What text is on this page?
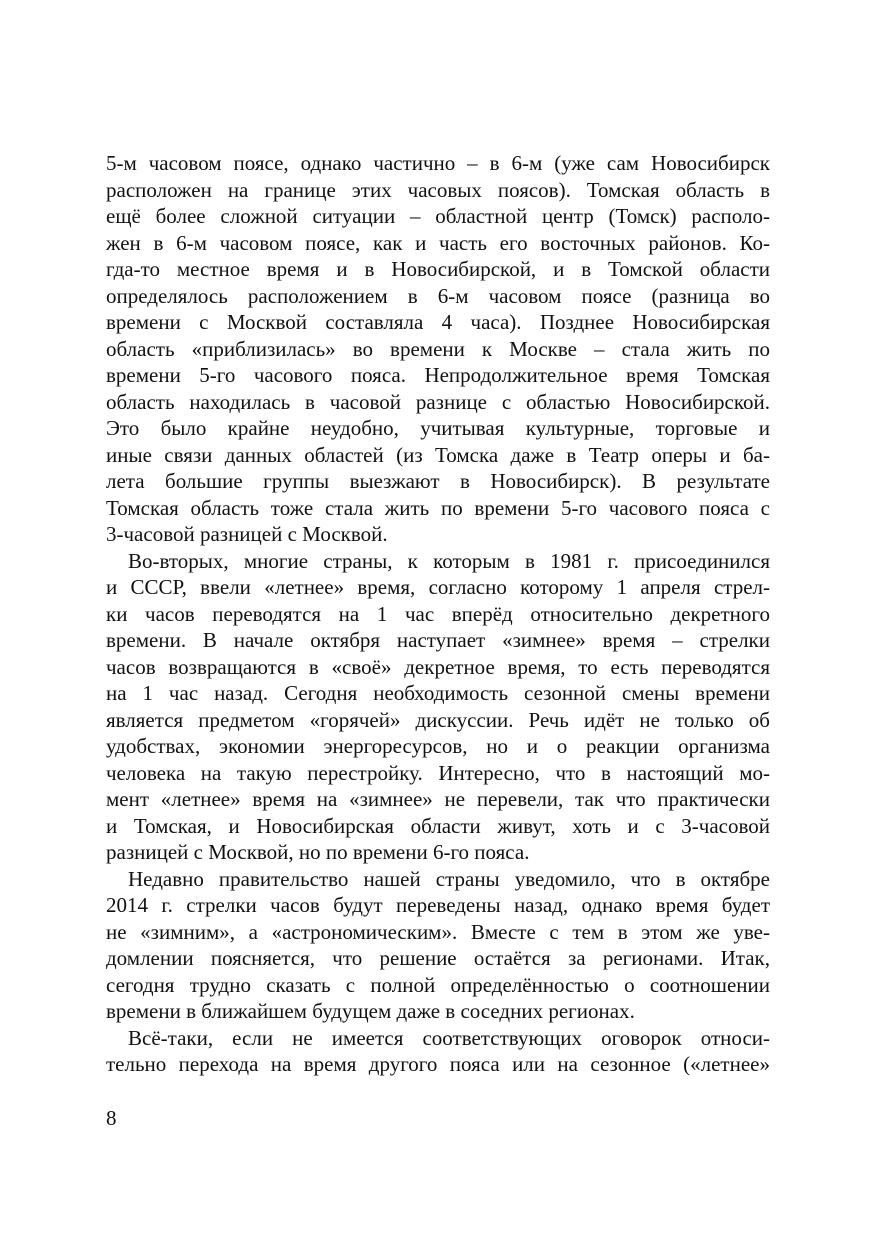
5-м часовом поясе, однако частично – в 6-м (уже сам Новосибирск
расположен на границе этих часовых поясов). Томская область в
ещё более сложной ситуации – областной центр (Томск) располо-
жен в 6-м часовом поясе, как и часть его восточных районов. Ко-
гда-то местное время и в Новосибирской, и в Томской области
определялось расположением в 6-м часовом поясе (разница во
времени с Москвой составляла 4 часа). Позднее Новосибирская
область «приблизилась» во времени к Москве – стала жить по
времени 5-го часового пояса. Непродолжительное время Томская
область находилась в часовой разнице с областью Новосибирской.
Это было крайне неудобно, учитывая культурные, торговые и
иные связи данных областей (из Томска даже в Театр оперы и ба-
лета большие группы выезжают в Новосибирск). В результате
Томская область тоже стала жить по времени 5-го часового пояса с
3-часовой разницей с Москвой.
Во-вторых, многие страны, к которым в 1981 г. присоединился
и СССР, ввели «летнее» время, согласно которому 1 апреля стрел-
ки часов переводятся на 1 час вперёд относительно декретного
времени. В начале октября наступает «зимнее» время – стрелки
часов возвращаются в «своё» декретное время, то есть переводятся
на 1 час назад. Сегодня необходимость сезонной смены времени
является предметом «горячей» дискуссии. Речь идёт не только об
удобствах, экономии энергоресурсов, но и о реакции организма
человека на такую перестройку. Интересно, что в настоящий мо-
мент «летнее» время на «зимнее» не перевели, так что практически
и Томская, и Новосибирская области живут, хоть и с 3-часовой
разницей с Москвой, но по времени 6-го пояса.
Недавно правительство нашей страны уведомило, что в октябре
2014 г. стрелки часов будут переведены назад, однако время будет
не «зимним», а «астрономическим». Вместе с тем в этом же уве-
домлении поясняется, что решение остаётся за регионами. Итак,
сегодня трудно сказать с полной определённостью о соотношении
времени в ближайшем будущем даже в соседних регионах.
Всё-таки, если не имеется соответствующих оговорок относи-
тельно перехода на время другого пояса или на сезонное («летнее»
8
